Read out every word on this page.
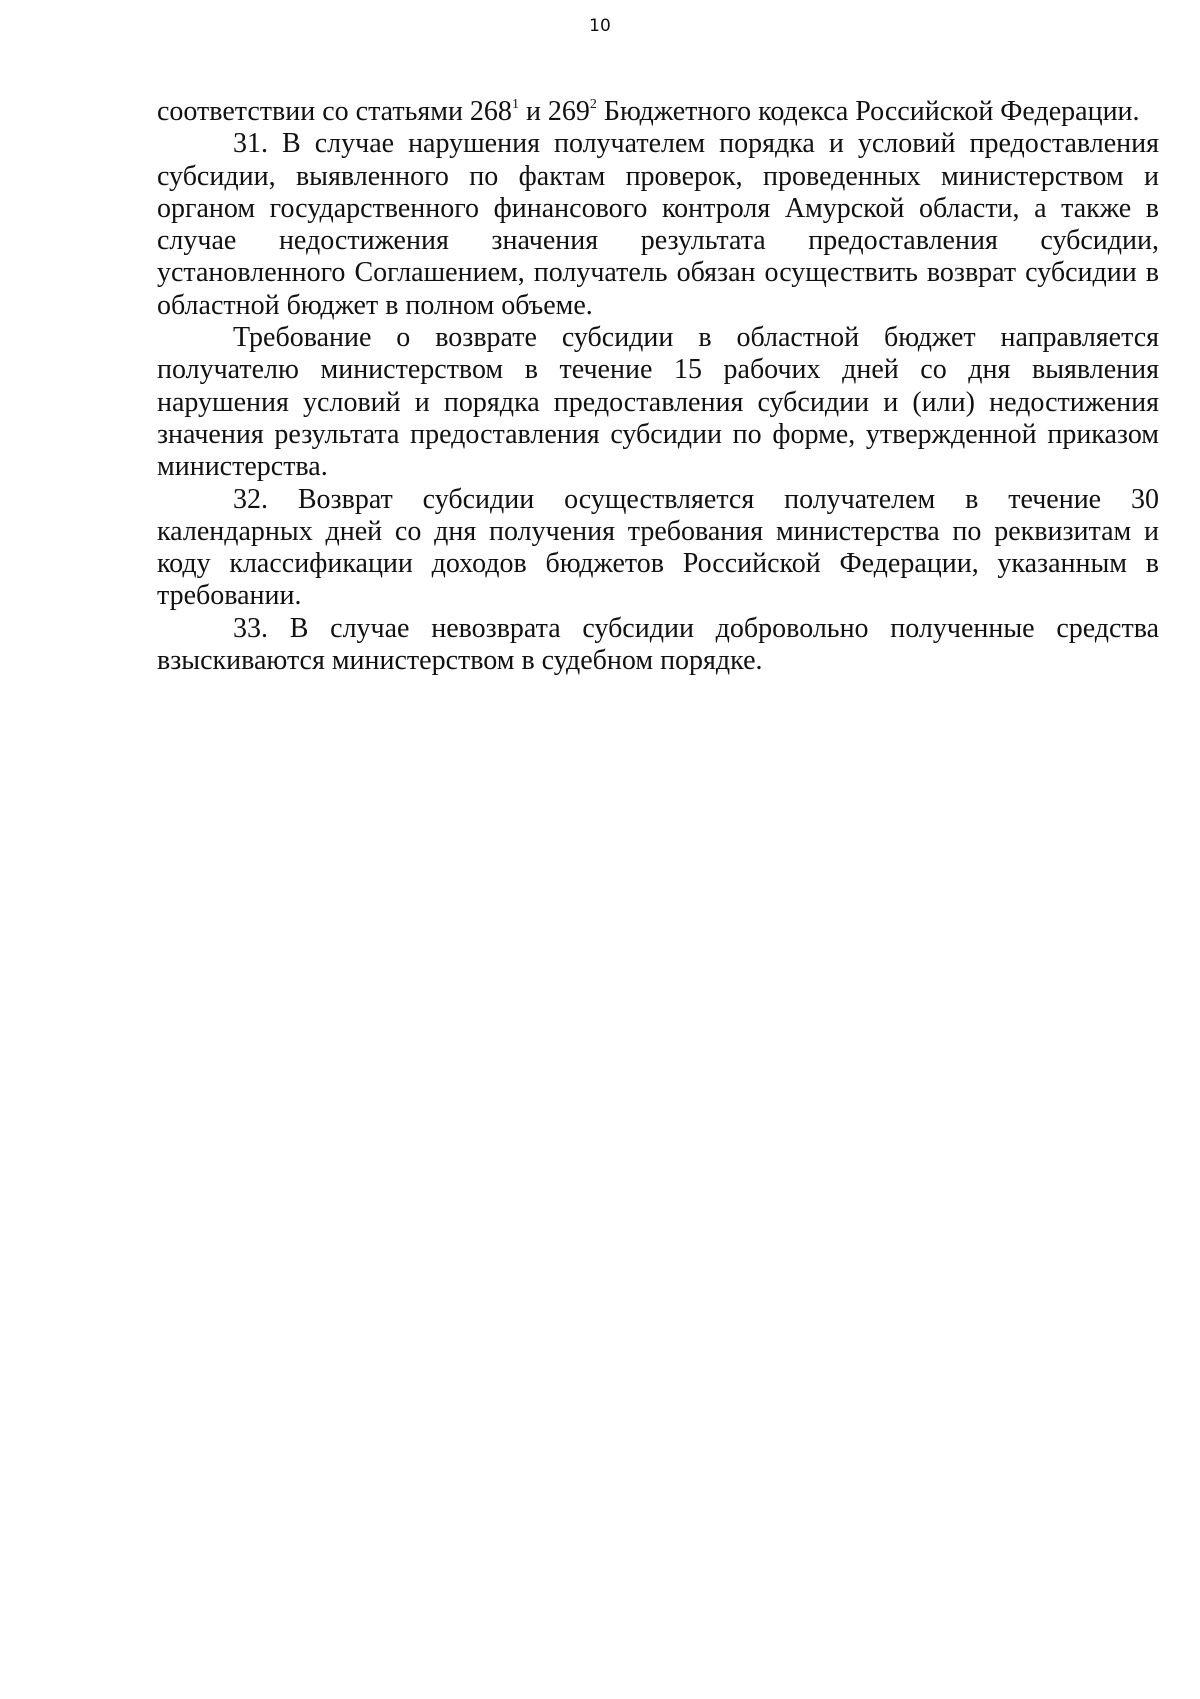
10

соответствии со статьями $268^1$ и $269^2$ Бюджетного кодекса Российской Федерации.

31. В случае нарушения получателем порядка и условий предоставления субсидии, выявленного по фактам проверок, проведенных министерством и органом государственного финансового контроля Амурской области, а также в случае недостижения значения результата предоставления субсидии, установленного Соглашением, получатель обязан осуществить возврат субсидии в областной бюджет в полном объеме.

Требование о возврате субсидии в областной бюджет направляется получателю министерством в течение 15 рабочих дней со дня выявления нарушения условий и порядка предоставления субсидии и (или) недостижения значения результата предоставления субсидии по форме, утвержденной приказом министерства.

32. Возврат субсидии осуществляется получателем в течение 30 календарных дней со дня получения требования министерства по реквизитам и коду классификации доходов бюджетов Российской Федерации, указанным в требовании.

33. В случае невозврата субсидии добровольно полученные средства взыскиваются министерством в судебном порядке.
